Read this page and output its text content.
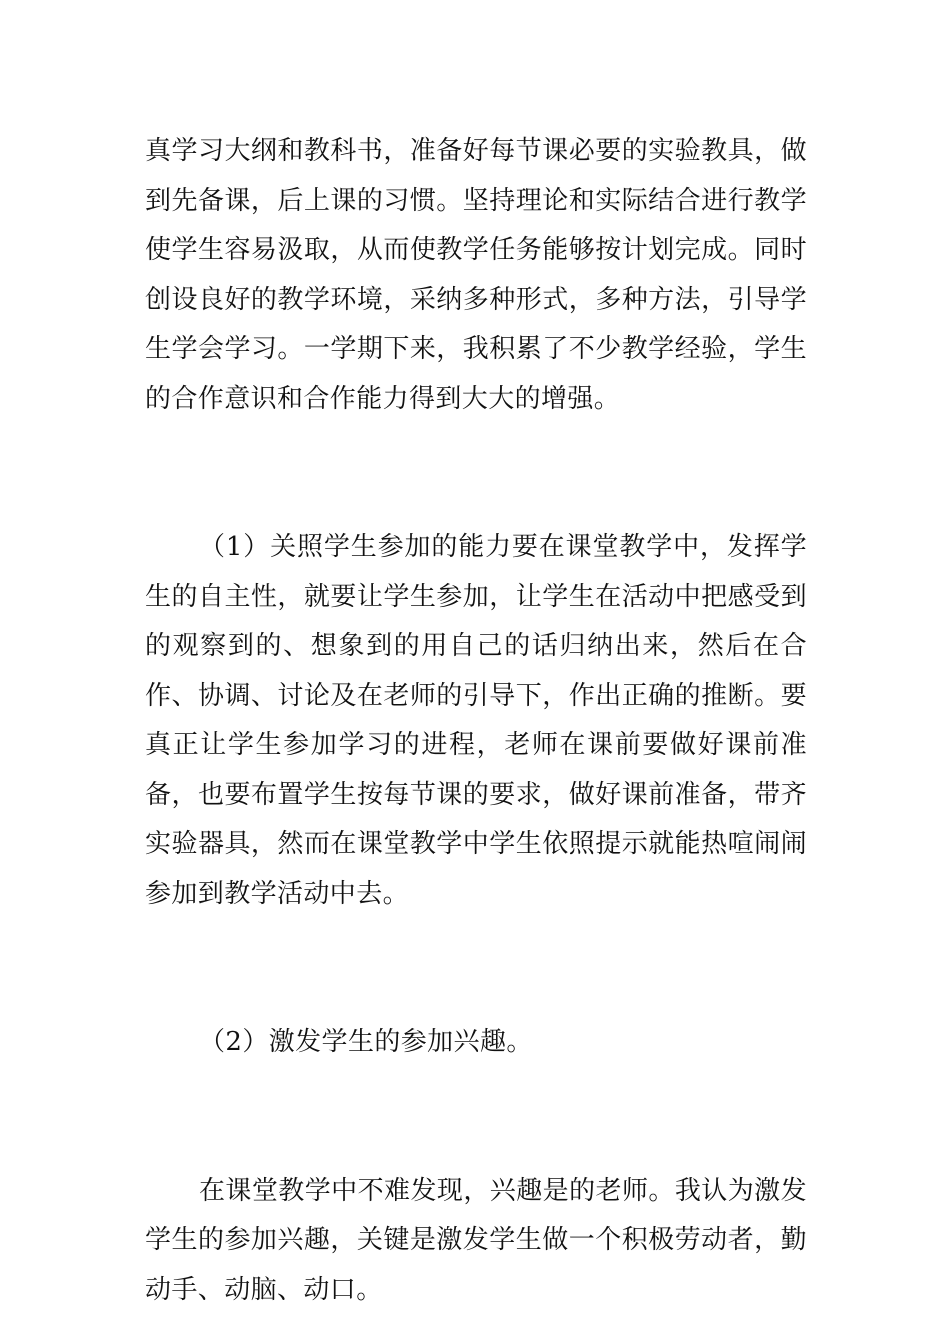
真学习大纲和教科书，准备好每节课必要的实验教具，做到先备课，后上课的习惯。坚持理论和实际结合进行教学使学生容易汲取，从而使教学任务能够按计划完成。同时创设良好的教学环境，采纳多种形式，多种方法，引导学生学会学习。一学期下来，我积累了不少教学经验，学生的合作意识和合作能力得到大大的增强。

（1）关照学生参加的能力要在课堂教学中，发挥学生的自主性，就要让学生参加，让学生在活动中把感受到的观察到的、想象到的用自己的话归纳出来，然后在合作、协调、讨论及在老师的引导下，作出正确的推断。要真正让学生参加学习的进程，老师在课前要做好课前准备，也要布置学生按每节课的要求，做好课前准备，带齐实验器具，然而在课堂教学中学生依照提示就能热喧闹闹参加到教学活动中去。

（2）激发学生的参加兴趣。

在课堂教学中不难发现，兴趣是的老师。我认为激发学生的参加兴趣，关键是激发学生做一个积极劳动者，勤动手、动脑、动口。
